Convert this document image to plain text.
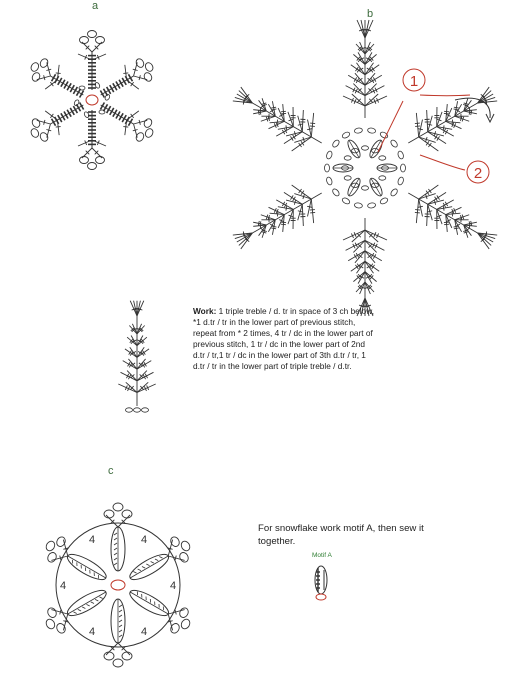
a
b
c
1
2
Work: 1 triple treble / d. tr in space of 3 ch below, *1 d.tr / tr in the lower part of previous stitch, repeat from * 2 times, 4 tr / dc in the lower part of previous stitch, 1 tr / dc in the lower part of 2nd d.tr / tr,1 tr / dc in the lower part of 3th d.tr / tr, 1 d.tr / tr in the lower part of triple treble / d.tr.
4	4
4	4
4	4
For snowflake work motif A, then sew it together.
Motif A
